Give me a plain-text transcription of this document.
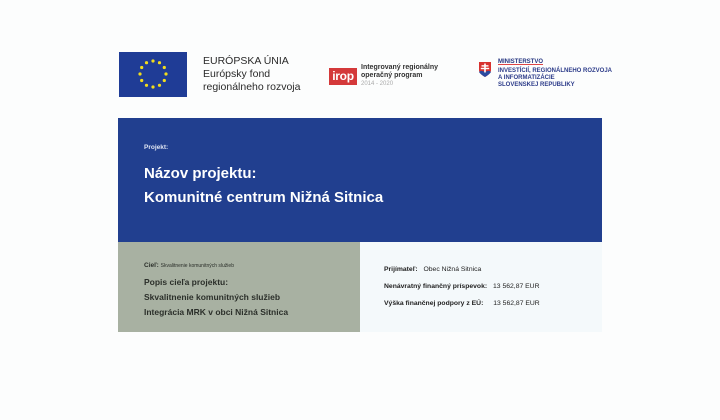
EURÓPSKA ÚNIA
Európsky fond
regionálneho rozvoja
irop
Integrovaný regionálny
operačný program
2014 - 2020
MINISTERSTVO
INVESTÍCIÍ, REGIONÁLNEHO ROZVOJA
A INFORMATIZÁCIE
SLOVENSKEJ REPUBLIKY
Projekt:
Názov projektu:
Komunitné centrum Nižná Sitnica
Cieľ: Skvalitnenie komunitných služieb
Popis cieľa projektu:
Skvalitnenie komunitných služieb
Integrácia MRK v obci Nižná Sitnica
Prijímateľ: Obec Nižná Sitnica
Nenávratný finančný príspevok: 13 562,87 EUR
Výška finančnej podpory z EÚ: 13 562,87 EUR
